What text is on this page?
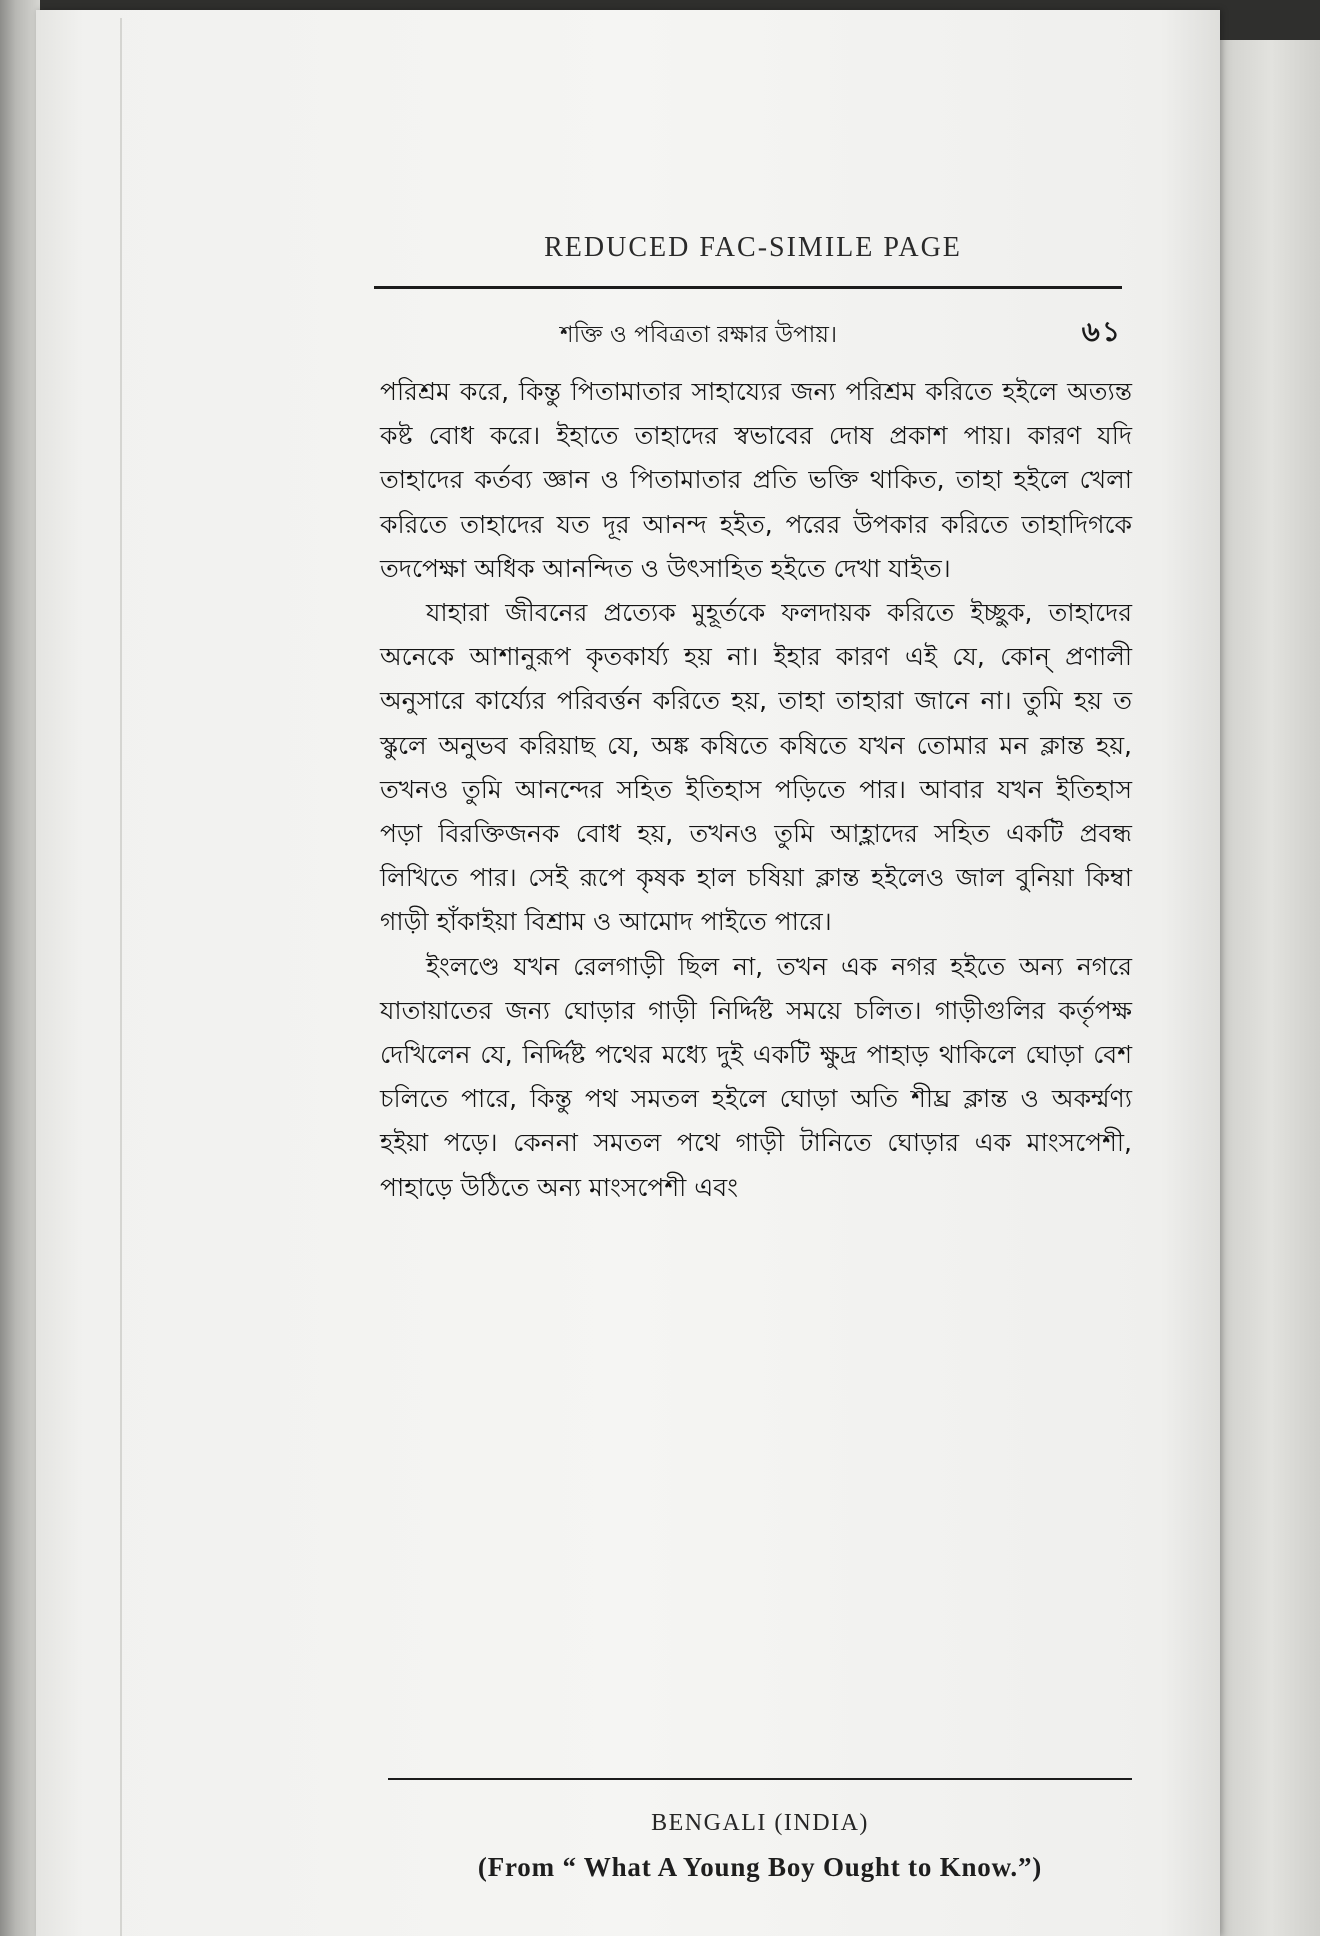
REDUCED FAC-SIMILE PAGE
শক্তি ও পবিত্রতা রক্ষার উপায়।	৬১

পরিশ্রম করে, কিন্তু পিতামাতার সাহায্যের জন্য পরিশ্রম করিতে হইলে অত্যন্ত কষ্ট বোধ করে। ইহাতে তাহাদের স্বভাবের দোষ প্রকাশ পায়। কারণ যদি তাহাদের কর্তব্য জ্ঞান ও পিতামাতার প্রতি ভক্তি থাকিত, তাহা হইলে খেলা করিতে তাহাদের যত দূর আনন্দ হইত, পরের উপকার করিতে তাহাদিগকে তদপেক্ষা অধিক আনন্দিত ও উৎসাহিত হইতে দেখা যাইত।

যাহারা জীবনের প্রত্যেক মুহূর্তকে ফলদায়ক করিতে ইচ্ছুক, তাহাদের অনেকে আশানুরূপ কৃতকার্য্য হয় না। ইহার কারণ এই যে, কোন্ প্রণালী অনুসারে কার্য্যের পরিবর্ত্তন করিতে হয়, তাহা তাহারা জানে না। তুমি হয় ত স্কুলে অনুভব করিয়াছ যে, অঙ্ক কষিতে কষিতে যখন তোমার মন ক্লান্ত হয়, তখনও তুমি আনন্দের সহিত ইতিহাস পড়িতে পার। আবার যখন ইতিহাস পড়া বিরক্তিজনক বোধ হয়, তখনও তুমি আহ্লাদের সহিত একটি প্রবন্ধ লিখিতে পার। সেই রূপে কৃষক হাল চষিয়া ক্লান্ত হইলেও জাল বুনিয়া কিম্বা গাড়ী হাঁকাইয়া বিশ্রাম ও আমোদ পাইতে পারে।

ইংলণ্ডে যখন রেলগাড়ী ছিল না, তখন এক নগর হইতে অন্য নগরে যাতায়াতের জন্য ঘোড়ার গাড়ী নির্দ্দিষ্ট সময়ে চলিত। গাড়ীগুলির কর্তৃপক্ষ দেখিলেন যে, নির্দ্দিষ্ট পথের মধ্যে দুই একটি ক্ষুদ্র পাহাড় থাকিলে ঘোড়া বেশ চলিতে পারে, কিন্তু পথ সমতল হইলে ঘোড়া অতি শীঘ্র ক্লান্ত ও অকর্ম্মণ্য হইয়া পড়ে। কেননা সমতল পথে গাড়ী টানিতে ঘোড়ার এক মাংসপেশী, পাহাড়ে উঠিতে অন্য মাংসপেশী এবং

BENGALI (INDIA)
(From “ What A Young Boy Ought to Know.”)
